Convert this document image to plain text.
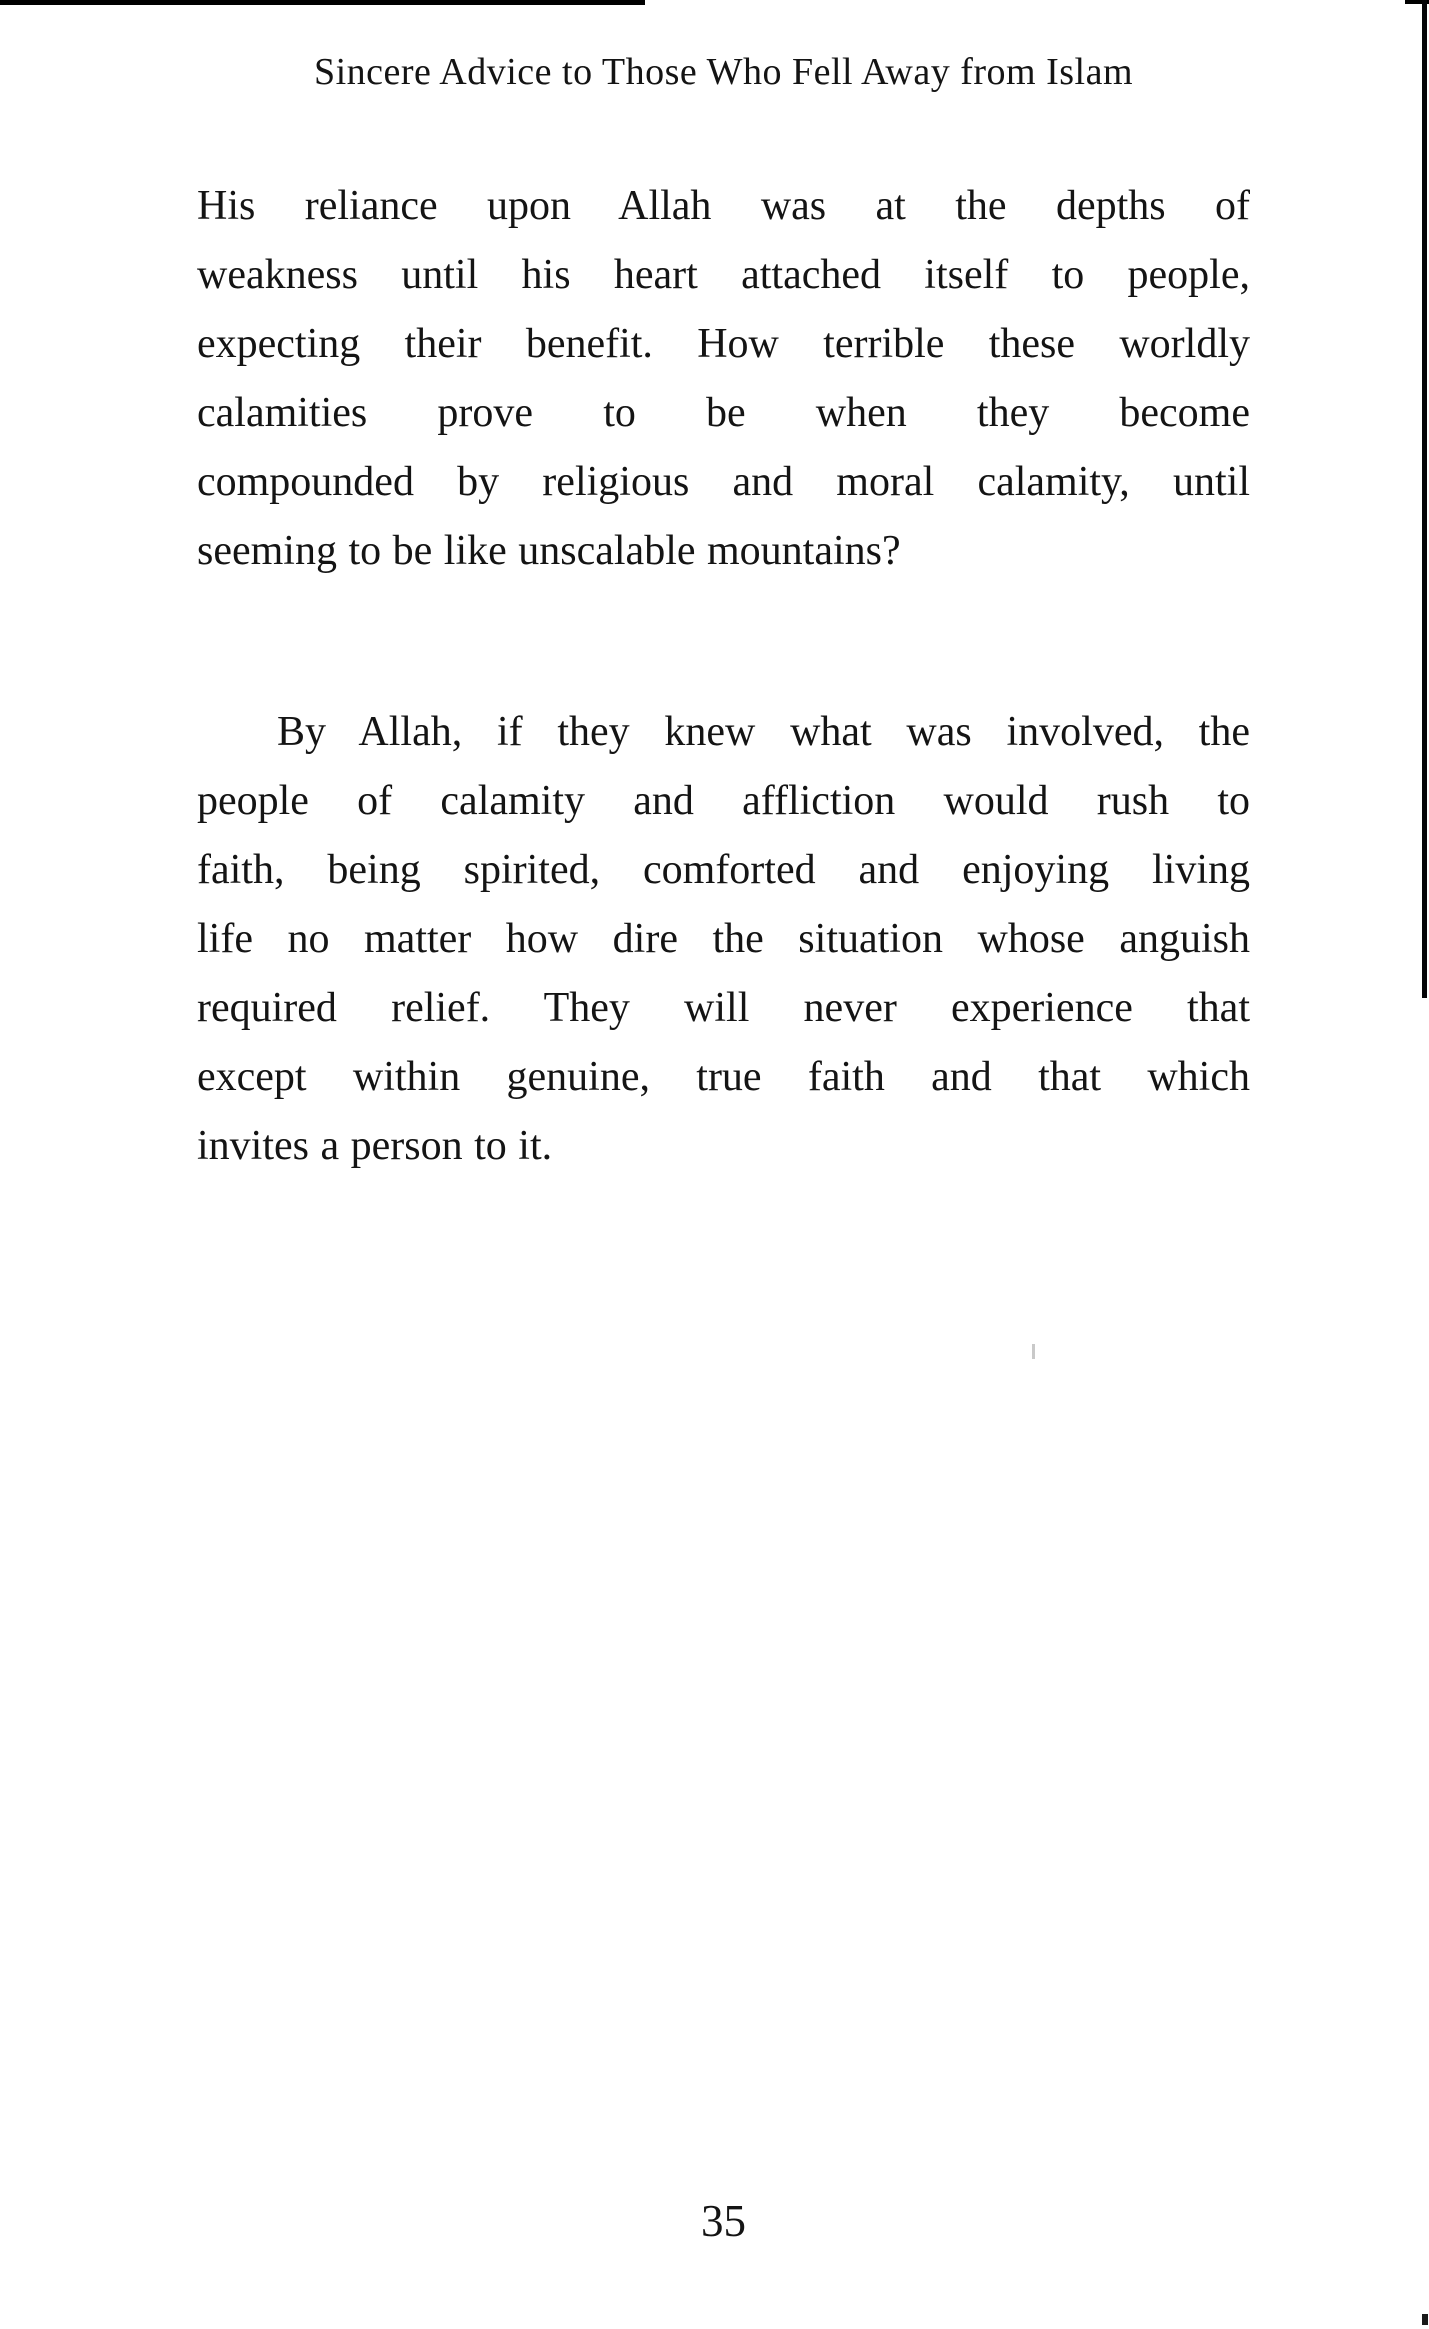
Sincere Advice to Those Who Fell Away from Islam
His reliance upon Allah was at the depths of
weakness until his heart attached itself to people,
expecting their benefit. How terrible these worldly
calamities prove to be when they become
compounded by religious and moral calamity, until
seeming to be like unscalable mountains?
By Allah, if they knew what was involved, the
people of calamity and affliction would rush to
faith, being spirited, comforted and enjoying living
life no matter how dire the situation whose anguish
required relief. They will never experience that
except within genuine, true faith and that which
invites a person to it.
35
